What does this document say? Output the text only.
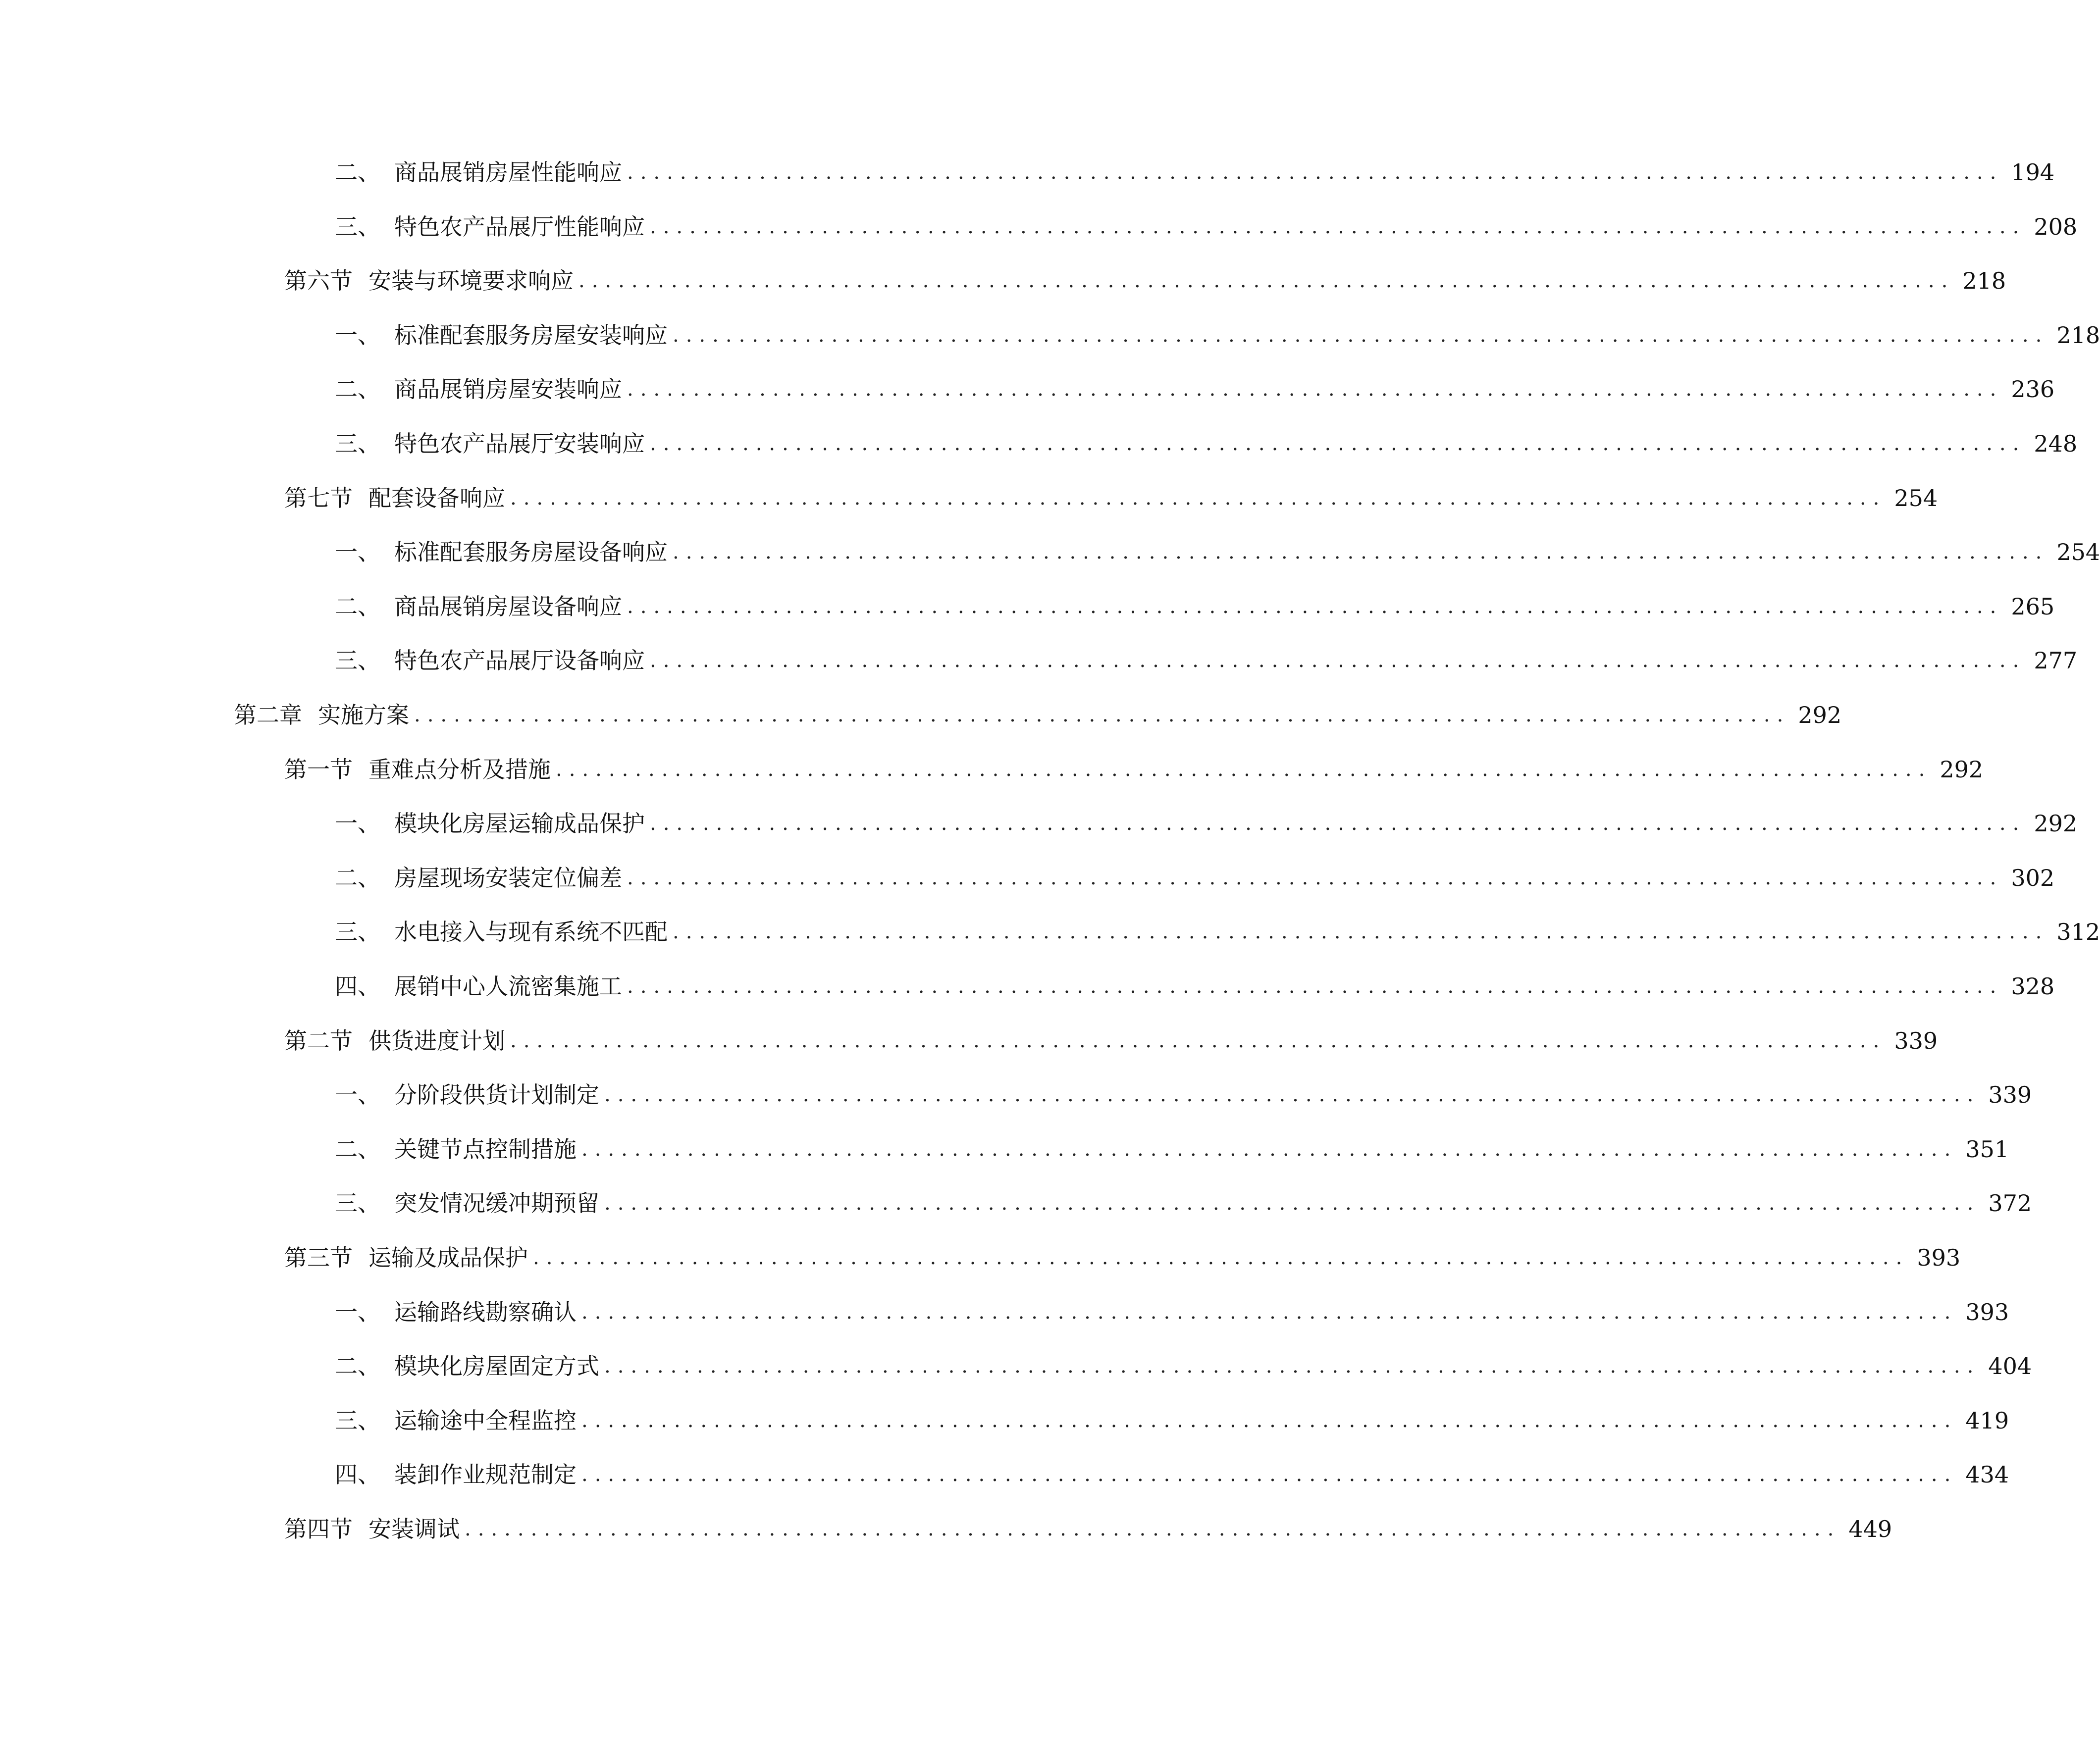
二、 商品展销房屋性能响应 ........................................................................................................ 194
三、 特色农产品展厅性能响应 ........................................................................................................ 208
第六节 安装与环境要求响应 ........................................................................................................ 218
一、 标准配套服务房屋安装响应 ........................................................................................................ 218
二、 商品展销房屋安装响应 ........................................................................................................ 236
三、 特色农产品展厅安装响应 ........................................................................................................ 248
第七节 配套设备响应 ........................................................................................................ 254
一、 标准配套服务房屋设备响应 ........................................................................................................ 254
二、 商品展销房屋设备响应 ........................................................................................................ 265
三、 特色农产品展厅设备响应 ........................................................................................................ 277
第二章 实施方案 ........................................................................................................ 292
第一节 重难点分析及措施 ........................................................................................................ 292
一、 模块化房屋运输成品保护 ........................................................................................................ 292
二、 房屋现场安装定位偏差 ........................................................................................................ 302
三、 水电接入与现有系统不匹配 ........................................................................................................ 312
四、 展销中心人流密集施工 ........................................................................................................ 328
第二节 供货进度计划 ........................................................................................................ 339
一、 分阶段供货计划制定 ........................................................................................................ 339
二、 关键节点控制措施 ........................................................................................................ 351
三、 突发情况缓冲期预留 ........................................................................................................ 372
第三节 运输及成品保护 ........................................................................................................ 393
一、 运输路线勘察确认 ........................................................................................................ 393
二、 模块化房屋固定方式 ........................................................................................................ 404
三、 运输途中全程监控 ........................................................................................................ 419
四、 装卸作业规范制定 ........................................................................................................ 434
第四节 安装调试 ........................................................................................................ 449
